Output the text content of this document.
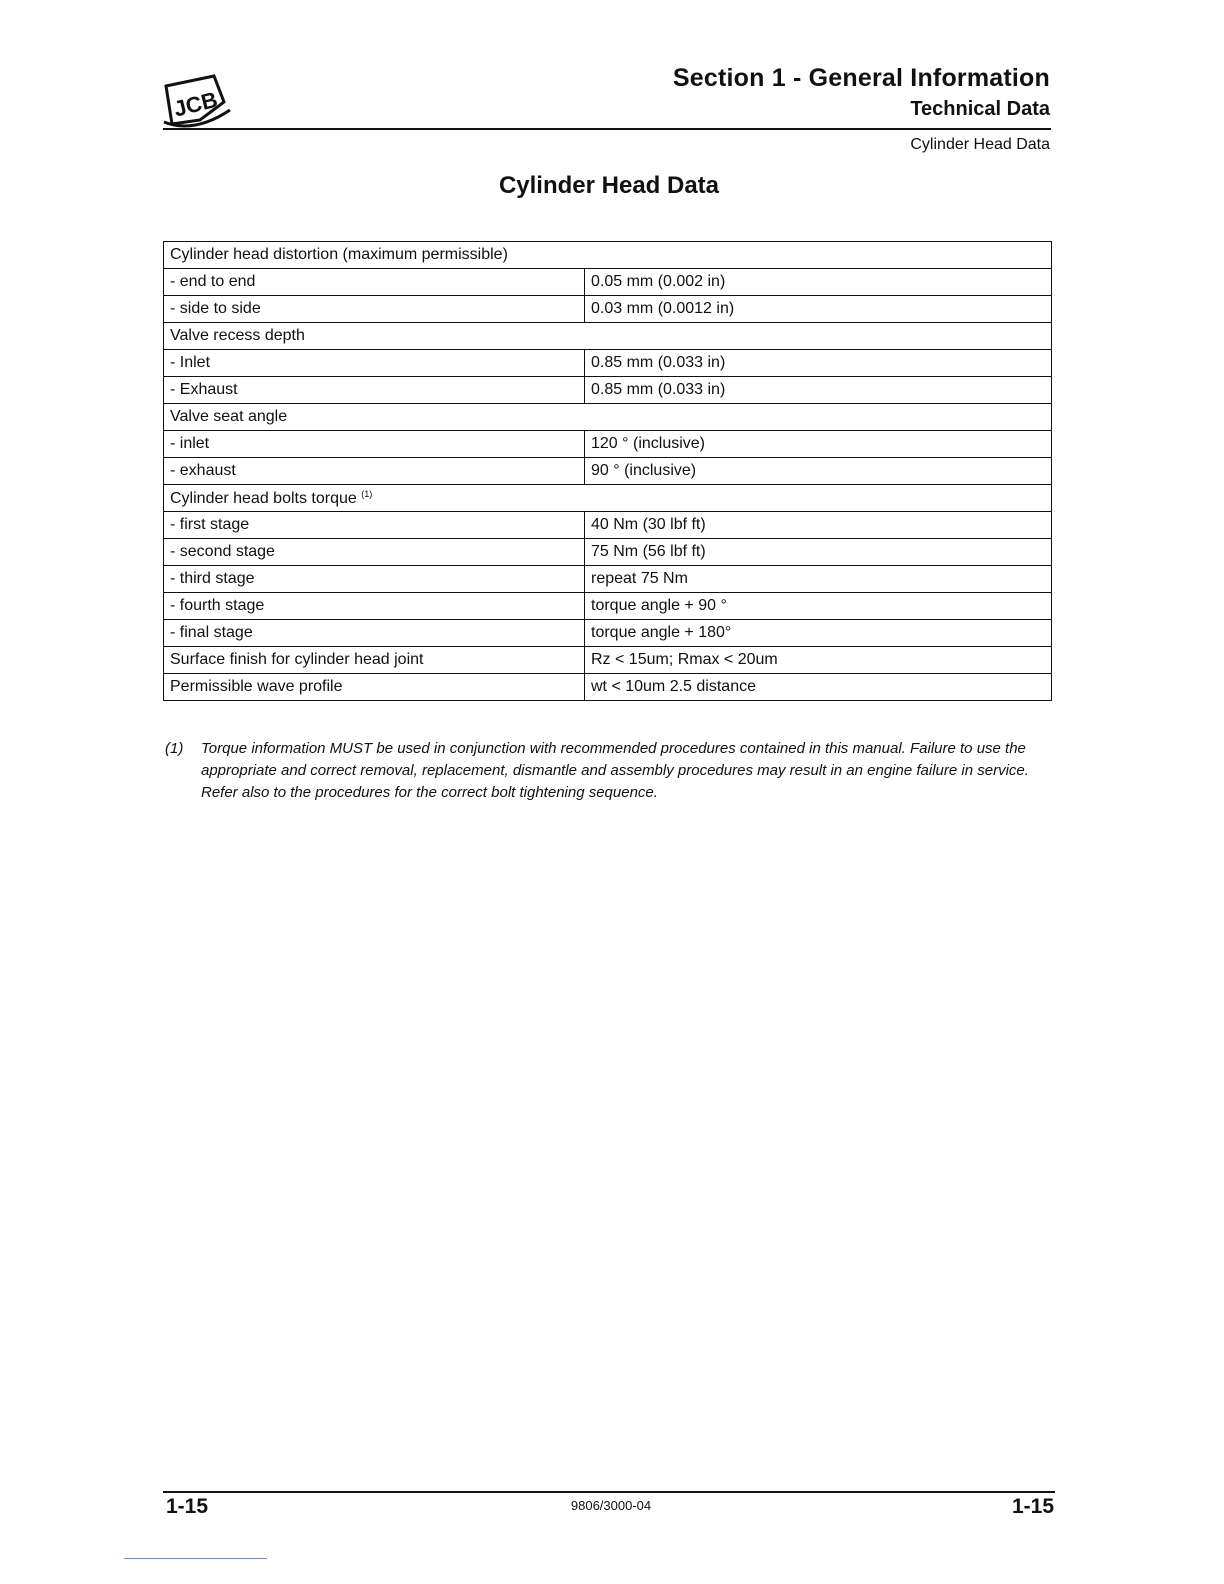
JCB
Section 1 - General Information
Technical Data
Cylinder Head Data
Cylinder Head Data
Cylinder head distortion (maximum permissible)	
- end to end	0.05 mm (0.002 in)
- side to side	0.03 mm (0.0012 in)
Valve recess depth	
- Inlet	0.85 mm (0.033 in)
- Exhaust	0.85 mm (0.033 in)
Valve seat angle	
- inlet	120 ° (inclusive)
- exhaust	90 ° (inclusive)
Cylinder head bolts torque $^{(1)}$
- first stage	40 Nm (30 lbf ft)
- second stage	75 Nm (56 lbf ft)
- third stage	repeat 75 Nm
- fourth stage	torque angle + 90 °
- final stage	torque angle + 180°
Surface finish for cylinder head joint	Rz < 15um; Rmax < 20um
Permissible wave profile	wt < 10um 2.5 distance
(1)	Torque information MUST be used in conjunction with recommended procedures contained in this manual. Failure to use the appropriate and correct removal, replacement, dismantle and assembly procedures may result in an engine failure in service. Refer also to the procedures for the correct bolt tightening sequence.
1-15	9806/3000-04	1-15
